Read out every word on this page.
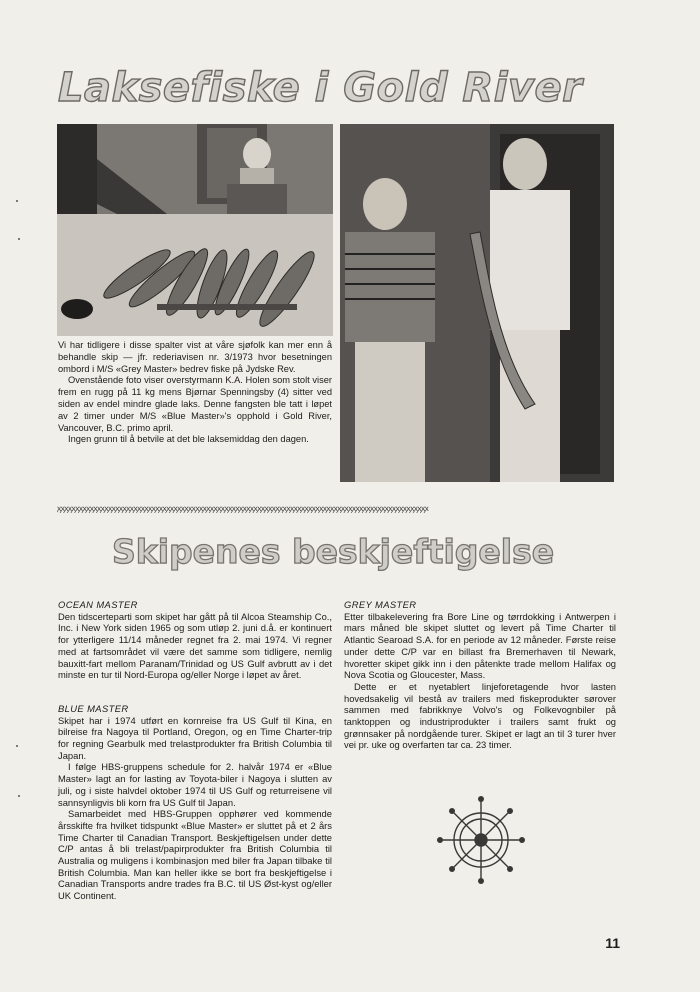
Laksefiske i Gold River

Vi har tidligere i disse spalter vist at våre sjøfolk kan mer enn å behandle skip — jfr. rederiavisen nr. 3/1973 hvor besetningen ombord i M/S «Grey Master» bedrev fiske på Jydske Rev.

Ovenstående foto viser overstyrmann K.A. Holen som stolt viser frem en rugg på 11 kg mens Bjørnar Spenningsby (4) sitter ved siden av endel mindre glade laks. Denne fangsten ble tatt i løpet av 2 timer under M/S «Blue Master»'s opphold i Gold River, Vancouver, B.C. primo april.

Ingen grunn til å betvile at det ble laksemiddag den dagen.

ꭗꭗꭗꭗꭗꭗꭗꭗꭗꭗꭗꭗꭗꭗꭗꭗꭗꭗꭗꭗꭗꭗꭗꭗꭗꭗꭗꭗꭗꭗꭗꭗꭗꭗꭗꭗꭗꭗꭗꭗꭗꭗꭗꭗꭗꭗꭗꭗꭗꭗꭗꭗꭗꭗꭗꭗꭗꭗꭗꭗꭗꭗꭗꭗꭗꭗꭗꭗꭗꭗꭗꭗꭗꭗꭗꭗꭗꭗꭗꭗꭗꭗꭗꭗꭗꭗꭗꭗꭗꭗꭗꭗꭗꭗꭗꭗꭗꭗꭗꭗꭗꭗ
Skipenes beskjeftigelse
OCEAN MASTER

Den tidscerteparti som skipet har gått på til Alcoa Steamship Co., Inc. i New York siden 1965 og som utløp 2. juni d.å. er kontinuert for ytterligere 11/14 måneder regnet fra 2. mai 1974. Vi regner med at fartsområdet vil være det samme som tidligere, nemlig bauxitt-fart mellom Paranam/Trinidad og US Gulf avbrutt av i det minste en tur til Nord-Europa og/eller Norge i løpet av året.

BLUE MASTER

Skipet har i 1974 utført en kornreise fra US Gulf til Kina, en bilreise fra Nagoya til Portland, Oregon, og en Time Charter-trip for regning Gearbulk med trelastprodukter fra British Columbia til Japan.

I følge HBS-gruppens schedule for 2. halvår 1974 er «Blue Master» lagt an for lasting av Toyota-biler i Nagoya i slutten av juli, og i siste halvdel oktober 1974 til US Gulf og returreisene vil sannsynligvis bli korn fra US Gulf til Japan.

Samarbeidet med HBS-Gruppen opphører ved kommende årsskifte fra hvilket tidspunkt «Blue Master» er sluttet på et 2 års Time Charter til Canadian Transport. Beskjeftigelsen under dette C/P antas å bli trelast/papirprodukter fra British Columbia til Australia og muligens i kombinasjon med biler fra Japan tilbake til British Columbia. Man kan heller ikke se bort fra beskjeftigelse i Canadian Transports andre trades fra B.C. til US Øst-kyst og/eller UK Continent.

GREY MASTER

Etter tilbakelevering fra Bore Line og tørrdokking i Antwerpen i mars måned ble skipet sluttet og levert på Time Charter til Atlantic Searoad S.A. for en periode av 12 måneder. Første reise under dette C/P var en billast fra Bremerhaven til Newark, hvoretter skipet gikk inn i den påtenkte trade mellom Halifax og Nova Scotia og Gloucester, Mass.

Dette er et nyetablert linjeforetagende hvor lasten hovedsakelig vil bestå av trailers med fiskeprodukter sørover sammen med fabrikknye Volvo's og Folkevognbiler på tanktoppen og industriprodukter i trailers samt frukt og grønnsaker på nordgående turer. Skipet er lagt an til 3 turer hver vei pr. uke og overfarten tar ca. 23 timer.

11
